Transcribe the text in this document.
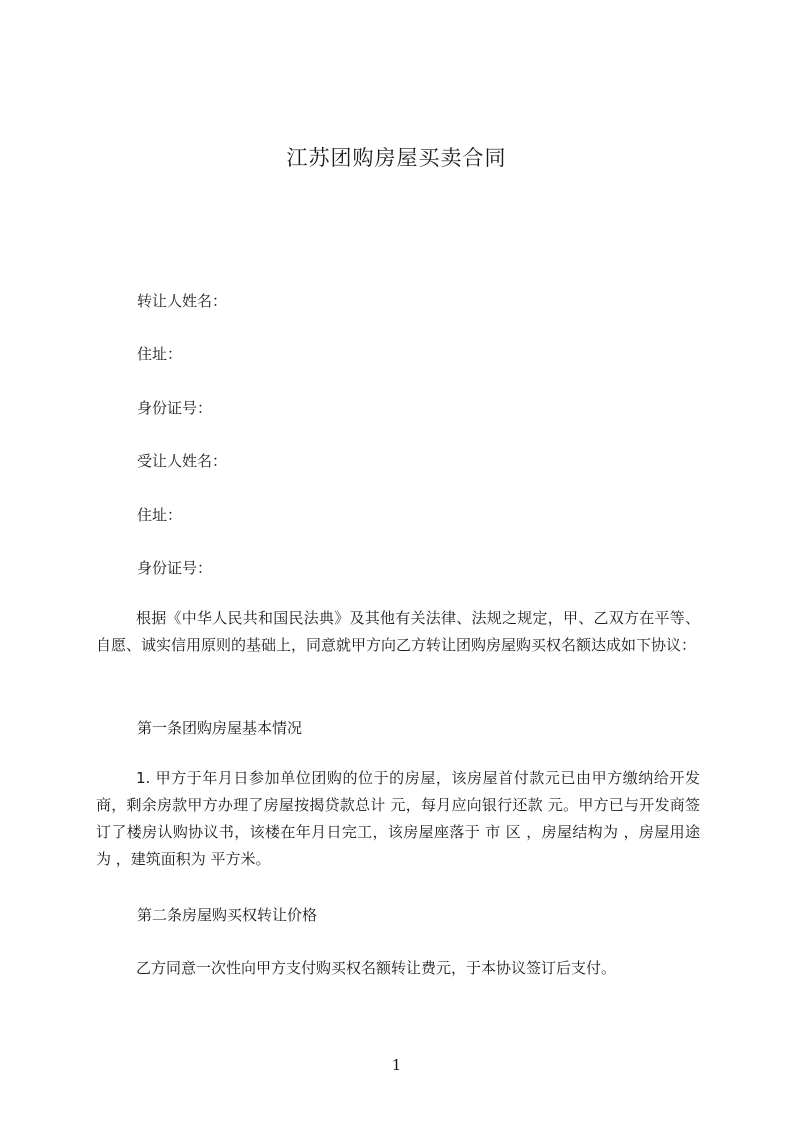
江苏团购房屋买卖合同

转让人姓名：

住址：

身份证号：

受让人姓名：

住址：

身份证号：

根据《中华人民共和国民法典》及其他有关法律、法规之规定，甲、乙双方在平等、自愿、诚实信用原则的基础上，同意就甲方向乙方转让团购房屋购买权名额达成如下协议：

第一条团购房屋基本情况

1. 甲方于年月日参加单位团购的位于的房屋，该房屋首付款元已由甲方缴纳给开发商，剩余房款甲方办理了房屋按揭贷款总计 元，每月应向银行还款 元。甲方已与开发商签订了楼房认购协议书，该楼在年月日完工，该房屋座落于 市 区 ，房屋结构为 ，房屋用途为 ，建筑面积为 平方米。

第二条房屋购买权转让价格

乙方同意一次性向甲方支付购买权名额转让费元，于本协议签订后支付。

1
